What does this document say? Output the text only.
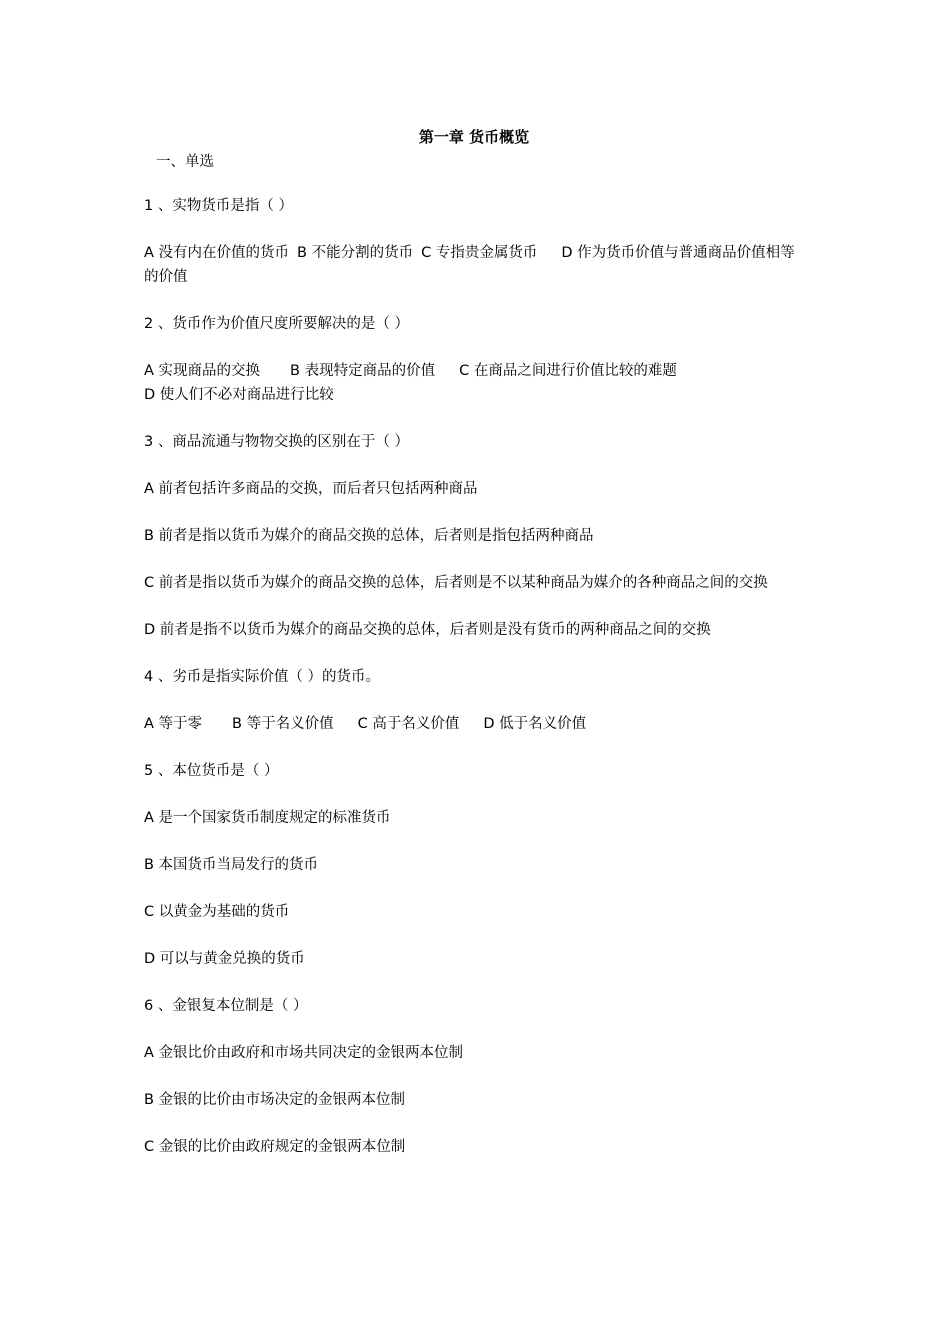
第一章 货币概览
一、单选
1 、实物货币是指（ ）
A 没有内在价值的货币 B 不能分割的货币 C 专指贵金属货币 D 作为货币价值与普通商品价值相等的价值
2 、货币作为价值尺度所要解决的是（ ）
A 实现商品的交换 B 表现特定商品的价值 C 在商品之间进行价值比较的难题
D 使人们不必对商品进行比较
3 、商品流通与物物交换的区别在于（ ）
A 前者包括许多商品的交换，而后者只包括两种商品
B 前者是指以货币为媒介的商品交换的总体，后者则是指包括两种商品
C 前者是指以货币为媒介的商品交换的总体，后者则是不以某种商品为媒介的各种商品之间的交换
D 前者是指不以货币为媒介的商品交换的总体，后者则是没有货币的两种商品之间的交换
4 、劣币是指实际价值（ ）的货币。
A 等于零 B 等于名义价值 C 高于名义价值 D 低于名义价值
5 、本位货币是（ ）
A 是一个国家货币制度规定的标准货币
B 本国货币当局发行的货币
C 以黄金为基础的货币
D 可以与黄金兑换的货币
6 、金银复本位制是（ ）
A 金银比价由政府和市场共同决定的金银两本位制
B 金银的比价由市场决定的金银两本位制
C 金银的比价由政府规定的金银两本位制
